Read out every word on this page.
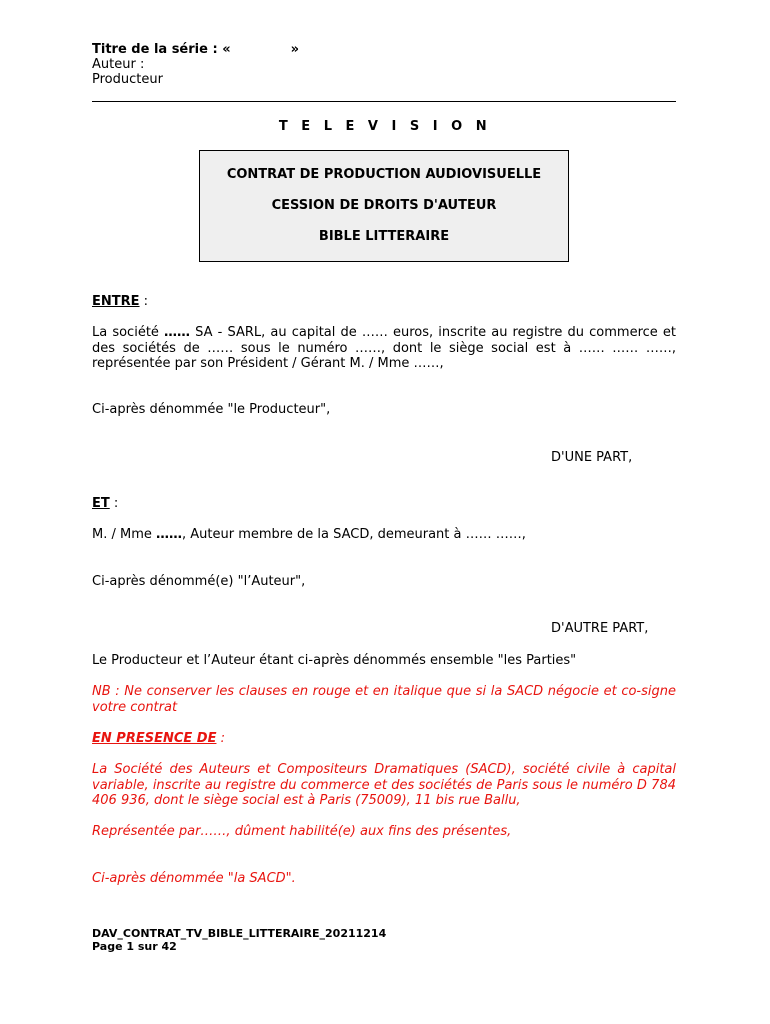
Titre de la série : «	»
Auteur :
Producteur
T E L E V I S I O N
CONTRAT DE PRODUCTION AUDIOVISUELLE
CESSION DE DROITS D'AUTEUR
BIBLE LITTERAIRE
ENTRE :
La société …… SA - SARL, au capital de …… euros, inscrite au registre du commerce et des sociétés de …… sous le numéro ……, dont le siège social est à …… …… ……, représentée par son Président / Gérant M. / Mme ……,
Ci-après dénommée "le Producteur",
D'UNE PART,
ET :
M. / Mme ……, Auteur membre de la SACD, demeurant à …… ……,
Ci-après dénommé(e) "l’Auteur",
D'AUTRE PART,
Le Producteur et l’Auteur étant ci-après dénommés ensemble "les Parties"
NB : Ne conserver les clauses en rouge et en italique que si la SACD négocie et co-signe votre contrat
EN PRESENCE DE :
La Société des Auteurs et Compositeurs Dramatiques (SACD), société civile à capital variable, inscrite au registre du commerce et des sociétés de Paris sous le numéro D 784 406 936, dont le siège social est à Paris (75009), 11 bis rue Ballu,
Représentée par……, dûment habilité(e) aux fins des présentes,
Ci-après dénommée "la SACD".
DAV_CONTRAT_TV_BIBLE_LITTERAIRE_20211214
Page 1 sur 42
